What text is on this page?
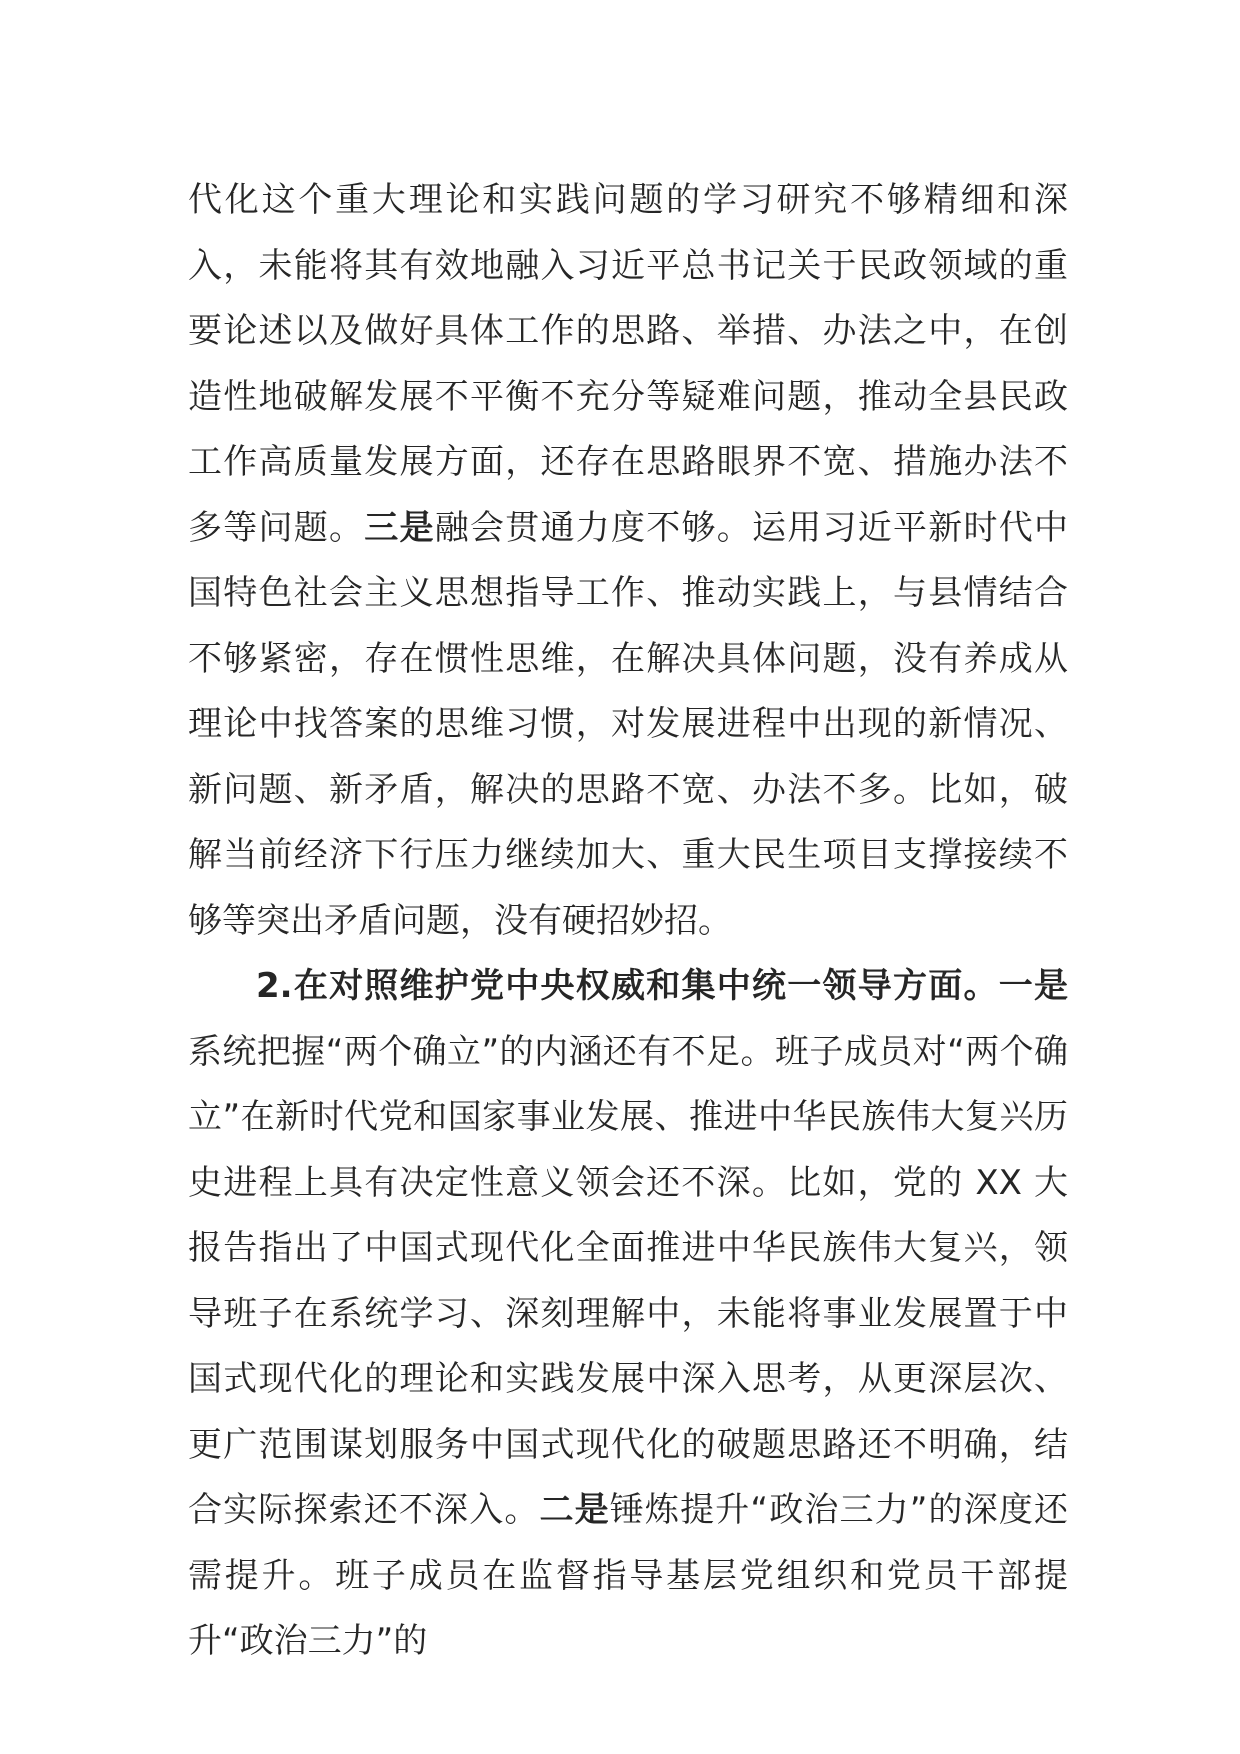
代化这个重大理论和实践问题的学习研究不够精细和深入，未能将其有效地融入习近平总书记关于民政领域的重要论述以及做好具体工作的思路、举措、办法之中，在创造性地破解发展不平衡不充分等疑难问题，推动全县民政工作高质量发展方面，还存在思路眼界不宽、措施办法不多等问题。三是融会贯通力度不够。运用习近平新时代中国特色社会主义思想指导工作、推动实践上，与县情结合不够紧密，存在惯性思维，在解决具体问题，没有养成从理论中找答案的思维习惯，对发展进程中出现的新情况、新问题、新矛盾，解决的思路不宽、办法不多。比如，破解当前经济下行压力继续加大、重大民生项目支撑接续不够等突出矛盾问题，没有硬招妙招。

2.在对照维护党中央权威和集中统一领导方面。一是系统把握“两个确立”的内涵还有不足。班子成员对“两个确立”在新时代党和国家事业发展、推进中华民族伟大复兴历史进程上具有决定性意义领会还不深。比如，党的 XX 大报告指出了中国式现代化全面推进中华民族伟大复兴，领导班子在系统学习、深刻理解中，未能将事业发展置于中国式现代化的理论和实践发展中深入思考，从更深层次、更广范围谋划服务中国式现代化的破题思路还不明确，结合实际探索还不深入。二是锤炼提升“政治三力”的深度还需提升。班子成员在监督指导基层党组织和党员干部提升“政治三力”的
